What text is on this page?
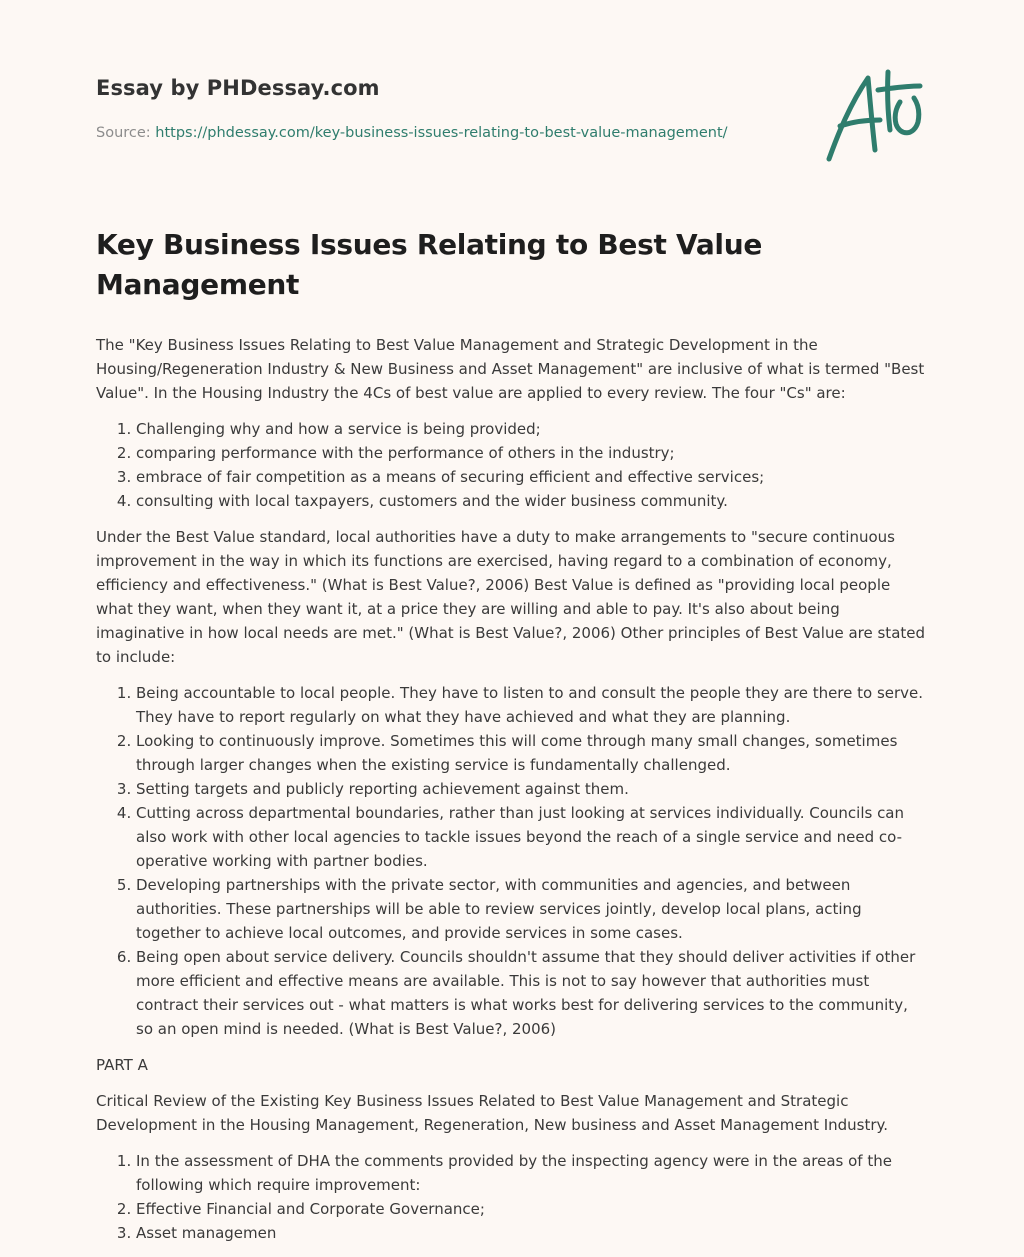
Essay by PHDessay.com
Source: https://phdessay.com/key-business-issues-relating-to-best-value-management/
Key Business Issues Relating to Best Value Management

The "Key Business Issues Relating to Best Value Management and Strategic Development in the Housing/Regeneration Industry & New Business and Asset Management" are inclusive of what is termed "Best Value". In the Housing Industry the 4Cs of best value are applied to every review. The four "Cs" are:

1. Challenging why and how a service is being provided;
2. comparing performance with the performance of others in the industry;
3. embrace of fair competition as a means of securing efficient and effective services;
4. consulting with local taxpayers, customers and the wider business community.

Under the Best Value standard, local authorities have a duty to make arrangements to "secure continuous improvement in the way in which its functions are exercised, having regard to a combination of economy, efficiency and effectiveness." (What is Best Value?, 2006) Best Value is defined as "providing local people what they want, when they want it, at a price they are willing and able to pay. It's also about being imaginative in how local needs are met." (What is Best Value?, 2006) Other principles of Best Value are stated to include:

1. Being accountable to local people. They have to listen to and consult the people they are there to serve. They have to report regularly on what they have achieved and what they are planning.
2. Looking to continuously improve. Sometimes this will come through many small changes, sometimes through larger changes when the existing service is fundamentally challenged.
3. Setting targets and publicly reporting achievement against them.
4. Cutting across departmental boundaries, rather than just looking at services individually. Councils can also work with other local agencies to tackle issues beyond the reach of a single service and need co-operative working with partner bodies.
5. Developing partnerships with the private sector, with communities and agencies, and between authorities. These partnerships will be able to review services jointly, develop local plans, acting together to achieve local outcomes, and provide services in some cases.
6. Being open about service delivery. Councils shouldn't assume that they should deliver activities if other more efficient and effective means are available. This is not to say however that authorities must contract their services out - what matters is what works best for delivering services to the community, so an open mind is needed. (What is Best Value?, 2006)

PART A

Critical Review of the Existing Key Business Issues Related to Best Value Management and Strategic Development in the Housing Management, Regeneration, New business and Asset Management Industry.

1. In the assessment of DHA the comments provided by the inspecting agency were in the areas of the following which require improvement:
2. Effective Financial and Corporate Governance;
3. Asset managemen
